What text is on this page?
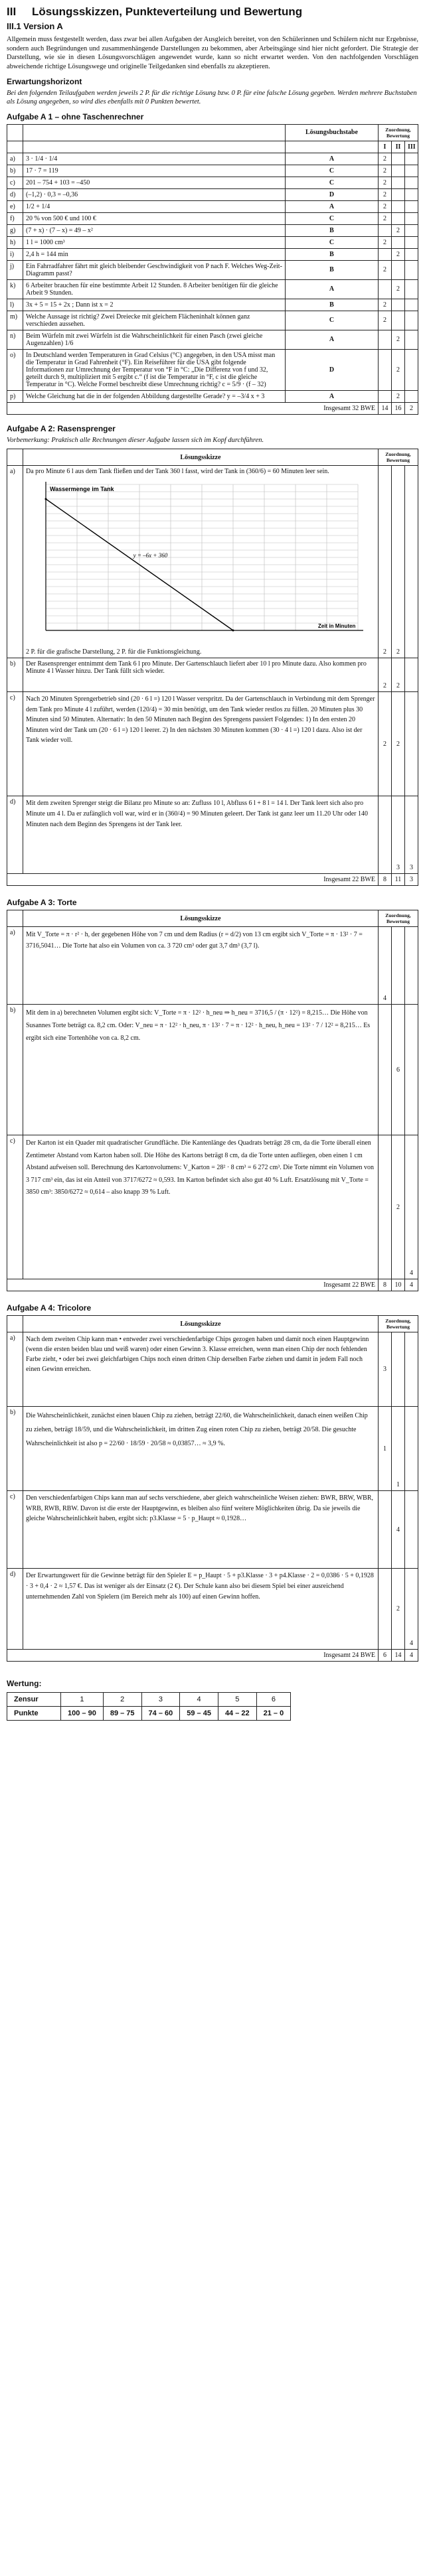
III Lösungsskizzen, Punkteverteilung und Bewertung
III.1 Version A
Allgemein muss festgestellt werden, dass zwar bei allen Aufgaben der Ausgleich bereitet, von den Schülerinnen und Schülern nicht nur Ergebnisse, sondern auch Begründungen und zusammenhängende Darstellungen zu bekommen, aber Arbeitsgänge sind hier nicht gefordert. Die Strategie der Darstellung, wie sie in diesen Lösungsvorschlägen angewendet wurde, kann so nicht erwartet werden. Von den nachfolgenden Vorschlägen abweichende richtige Lösungswege und originelle Teilgedanken sind ebenfalls zu akzeptieren.
Erwartungshorizont
Bei den folgenden Teilaufgaben werden jeweils 2 P. für die richtige Lösung bzw. 0 P. für eine falsche Lösung gegeben. Werden mehrere Buchstaben als Lösung angegeben, so wird dies ebenfalls mit 0 Punkten bewertet.
Aufgabe A 1 – ohne Taschenrechner
		Lösungsbuchstabe	Zuordnung, Bewertung		
			I	II	III
a)	3 · 1/4 · 1/4	A	2		
b)	17 · 7 = 119	C	2		
c)	201 – 754 + 103 = –450	C	2		
d)	(–1,2) · 0,3 = –0,36	D	2		
e)	1/2 + 1/4	A	2		
f)	20 % von 500 € und 100 €	C	2		
g)	(7 + x) · (7 – x) = 49 – x²	B		2	
h)	1 l = 1000 cm³	C	2		
i)	2,4 h = 144 min	B		2	
j)	Ein Fahrradfahrer fährt mit gleich bleibender Geschwindigkeit von P nach F. Welches Weg-Zeit-Diagramm passt?	B	2		
k)	6 Arbeiter brauchen für eine bestimmte Arbeit 12 Stunden. 8 Arbeiter benötigen für die gleiche Arbeit 9 Stunden.	A		2	
l)	3x + 5 = 15 + 2x ; Dann ist x = 2	B	2		
m)	Welche Aussage ist richtig? Zwei Dreiecke mit gleichem Flächeninhalt können ganz verschieden aussehen.	C	2		
n)	Beim Würfeln mit zwei Würfeln ist die Wahrscheinlichkeit für einen Pasch (zwei gleiche Augenzahlen) 1/6	A		2	
o)	In Deutschland werden Temperaturen in Grad Celsius (°C) angegeben, in den USA misst man die Temperatur in Grad Fahrenheit (°F). Ein Reiseführer für die USA gibt folgende Informationen zur Umrechnung der Temperatur von °F in °C: „Die Differenz von f und 32, geteilt durch 9, multipliziert mit 5 ergibt c.“ (f ist die Temperatur in °F, c ist die gleiche Temperatur in °C). Welche Formel beschreibt diese Umrechnung richtig? c = 5/9 · (f – 32)	D		2	
p)	Welche Gleichung hat die in der folgenden Abbildung dargestellte Gerade? y = –3/4 x + 3	A		2	
Insgesamt 32 BWE			14	16	2
Aufgabe A 2: Rasensprenger
Vorbemerkung: Praktisch alle Rechnungen dieser Aufgabe lassen sich im Kopf durchführen.
	Lösungsskizze	Zuordnung, Bewertung		
a)	Da pro Minute 6 l aus dem Tank fließen und der Tank 360 l fasst, wird der Tank in (360/6) = 60 Minuten leer sein.
Wassermenge im Tank
Zeit in Minuten
y = –6x + 360
2 P. für die grafische Darstellung, 2 P. für die Funktionsgleichung.	2	2	
b)	Der Rasensprenger entnimmt dem Tank 6 l pro Minute. Der Gartenschlauch liefert aber 10 l pro Minute dazu. Also kommen pro Minute 4 l Wasser hinzu. Der Tank füllt sich wieder.	2	2	
c)	Nach 20 Minuten Sprengerbetrieb sind (20 · 6 l =) 120 l Wasser verspritzt. Da der Gartenschlauch in Verbindung mit dem Sprenger dem Tank pro Minute 4 l zuführt, werden (120/4) = 30 min benötigt, um den Tank wieder restlos zu füllen. 20 Minuten plus 30 Minuten sind 50 Minuten. Alternativ: In den 50 Minuten nach Beginn des Sprengens passiert Folgendes: 1) In den ersten 20 Minuten wird der Tank um (20 · 6 l =) 120 l leerer. 2) In den nächsten 30 Minuten kommen (30 · 4 l =) 120 l dazu. Also ist der Tank wieder voll.	2	2	
d)	Mit dem zweiten Sprenger steigt die Bilanz pro Minute so an: Zufluss 10 l, Abfluss 6 l + 8 l = 14 l. Der Tank leert sich also pro Minute um 4 l. Da er zufänglich voll war, wird er in (360/4) = 90 Minuten geleert. Der Tank ist ganz leer um 11.20 Uhr oder 140 Minuten nach dem Beginn des Sprengens ist der Tank leer.		3	3
Insgesamt 22 BWE		8	11	3
Aufgabe A 3: Torte
	Lösungsskizze	Zuordnung, Bewertung		
a)	Mit V_Torte = π · r² · h, der gegebenen Höhe von 7 cm und dem Radius (r = d/2) von 13 cm ergibt sich V_Torte = π · 13² · 7 = 3716,5041… Die Torte hat also ein Volumen von ca. 3 720 cm³ oder gut 3,7 dm³ (3,7 l).	4		
b)	Mit dem in a) berechneten Volumen ergibt sich: V_Torte = π · 12² · h_neu ⇒ h_neu = 3716,5 / (π · 12²) = 8,215… Die Höhe von Susannes Torte beträgt ca. 8,2 cm. Oder: V_neu = π · 12² · h_neu, π · 13² · 7 = π · 12² · h_neu, h_neu = 13² · 7 / 12² = 8,215… Es ergibt sich eine Tortenhöhe von ca. 8,2 cm.		6	
c)	Der Karton ist ein Quader mit quadratischer Grundfläche. Die Kantenlänge des Quadrats beträgt 28 cm, da die Torte überall einen Zentimeter Abstand vom Karton haben soll. Die Höhe des Kartons beträgt 8 cm, da die Torte unten aufliegen, oben einen 1 cm Abstand aufweisen soll. Berechnung des Kartonvolumens: V_Karton = 28² · 8 cm³ = 6 272 cm³. Die Torte nimmt ein Volumen von 3 717 cm³ ein, das ist ein Anteil von 3717/6272 ≈ 0,593. Im Karton befindet sich also gut 40 % Luft. Ersatzlösung mit V_Torte = 3850 cm³: 3850/6272 ≈ 0,614 – also knapp 39 % Luft.		2	4
Insgesamt 22 BWE		8	10	4
Aufgabe A 4: Tricolore
	Lösungsskizze	Zuordnung, Bewertung		
a)	Nach dem zweiten Chip kann man • entweder zwei verschiedenfarbige Chips gezogen haben und damit noch einen Hauptgewinn (wenn die ersten beiden blau und weiß waren) oder einen Gewinn 3. Klasse erreichen, wenn man einen Chip der noch fehlenden Farbe zieht, • oder bei zwei gleichfarbigen Chips noch einen dritten Chip derselben Farbe ziehen und damit in jedem Fall noch einen Gewinn erreichen.	3		
b)	Die Wahrscheinlichkeit, zunächst einen blauen Chip zu ziehen, beträgt 22/60, die Wahrscheinlichkeit, danach einen weißen Chip zu ziehen, beträgt 18/59, und die Wahrscheinlichkeit, im dritten Zug einen roten Chip zu ziehen, beträgt 20/58. Die gesuchte Wahrscheinlichkeit ist also p = 22/60 · 18/59 · 20/58 ≈ 0,03857… ≈ 3,9 %.	1	1	
c)	Den verschiedenfarbigen Chips kann man auf sechs verschiedene, aber gleich wahrscheinliche Weisen ziehen: BWR, BRW, WBR, WRB, RWB, RBW. Davon ist die erste der Hauptgewinn, es bleiben also fünf weitere Möglichkeiten übrig. Da sie jeweils die gleiche Wahrscheinlichkeit haben, ergibt sich: p3.Klasse = 5 · p_Haupt ≈ 0,1928…		4	
d)	Der Erwartungswert für die Gewinne beträgt für den Spieler E = p_Haupt · 5 + p3.Klasse · 3 + p4.Klasse · 2 = 0,0386 · 5 + 0,1928 · 3 + 0,4 · 2 ≈ 1,57 €. Das ist weniger als der Einsatz (2 €). Der Schule kann also bei diesem Spiel bei einer ausreichend unternehmenden Zahl von Spielern (im Bereich mehr als 100) auf einen Gewinn hoffen.		2	4
Insgesamt 24 BWE		6	14	4
Wertung:
Zensur	1	2	3	4	5	6
Punkte	100 – 90	89 – 75	74 – 60	59 – 45	44 – 22	21 – 0
